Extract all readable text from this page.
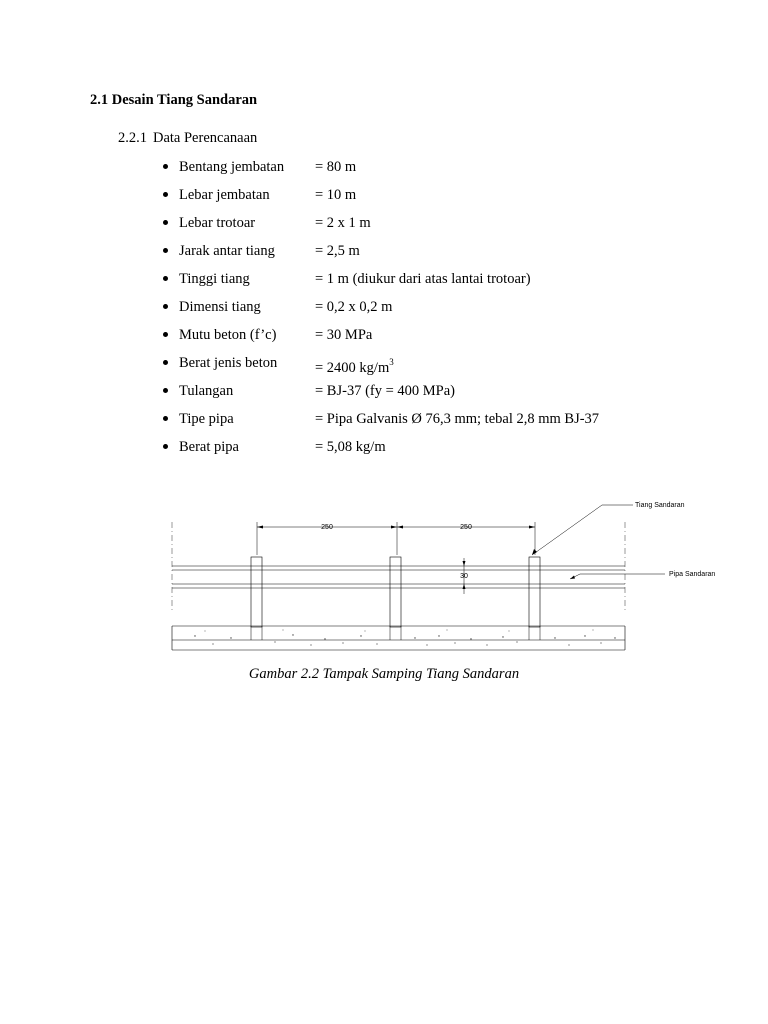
2.1 Desain Tiang Sandaran

2.2.1 Data Perencanaan

Bentang jembatan = 80 m
Lebar jembatan	= 10 m
Lebar trotoar	= 2 x 1 m
Jarak antar tiang	= 2,5 m
Tinggi tiang	= 1 m (diukur dari atas lantai trotoar)
Dimensi tiang	= 0,2 x 0,2 m
Mutu beton (f’c)	= 30 MPa
Berat jenis beton	= 2400 $kg/m^3$
Tulangan	= BJ-37 (fy = 400 MPa)
Tipe pipa	= Pipa Galvanis Ø 76,3 mm; tebal 2,8 mm BJ-37
Berat pipa	= 5,08 kg/m
250	250
30
Tiang Sandaran
Pipa Sandaran

Gambar 2.2 Tampak Samping Tiang Sandaran
